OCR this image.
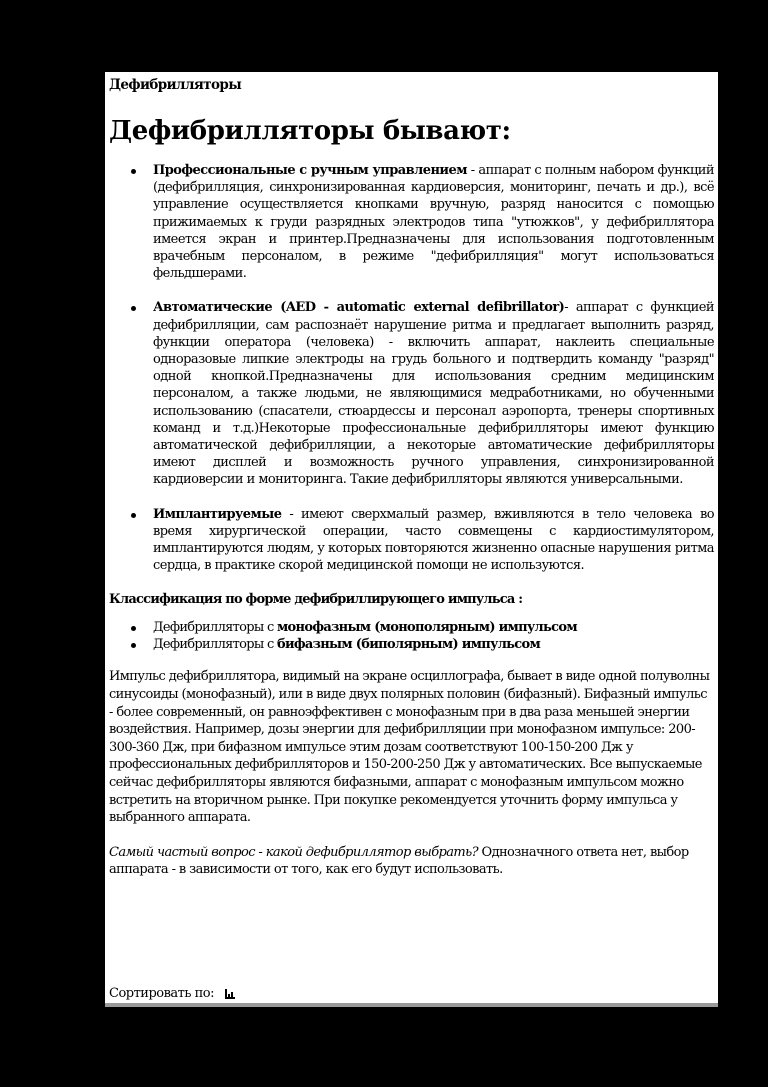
Дефибрилляторы
Дефибрилляторы бывают:
Профессиональные с ручным управлением - аппарат с полным набором функций (дефибрилляция, синхронизированная кардиоверсия, мониторинг, печать и др.), всё управление осуществляется кнопками вручную, разряд наносится с помощью прижимаемых к груди разрядных электродов типа "утюжков", у дефибриллятора имеется экран и принтер.Предназначены для использования подготовленным врачебным персоналом, в режиме "дефибрилляция" могут использоваться фельдшерами.
Автоматические (AED - automatic external defibrillator)- аппарат с функцией дефибрилляции, сам распознаёт нарушение ритма и предлагает выполнить разряд, функции оператора (человека) - включить аппарат, наклеить специальные одноразовые липкие электроды на грудь больного и подтвердить команду "разряд" одной кнопкой.Предназначены для использования средним медицинским персоналом, а также людьми, не являющимися медработниками, но обученными использованию (спасатели, стюардессы и персонал аэропорта, тренеры спортивных команд и т.д.)Некоторые профессиональные дефибрилляторы имеют функцию автоматической дефибрилляции, а некоторые автоматические дефибрилляторы имеют дисплей и возможность ручного управления, синхронизированной кардиоверсии и мониторинга. Такие дефибрилляторы являются универсальными.
Имплантируемые - имеют сверхмалый размер, вживляются в тело человека во время хирургической операции, часто совмещены с кардиостимулятором, имплантируются людям, у которых повторяются жизненно опасные нарушения ритма сердца, в практике скорой медицинской помощи не используются.
Классификация по форме дефибриллирующего импульса :
Дефибрилляторы с монофазным (монополярным) импульсом
Дефибрилляторы с бифазным (биполярным) импульсом

Импульс дефибриллятора, видимый на экране осциллографа, бывает в виде одной полуволны синусоиды (монофазный), или в виде двух полярных половин (бифазный). Бифазный импульс - более современный, он равноэффективен с монофазным при в два раза меньшей энергии воздействия. Например, дозы энергии для дефибрилляции при монофазном импульсе: 200-300-360 Дж, при бифазном импульсе этим дозам соответствуют 100-150-200 Дж у профессиональных дефибрилляторов и 150-200-250 Дж у автоматических. Все выпускаемые сейчас дефибрилляторы являются бифазными, аппарат с монофазным импульсом можно встретить на вторичном рынке. При покупке рекомендуется уточнить форму импульса у выбранного аппарата.

Самый частый вопрос - какой дефибриллятор выбрать? Однозначного ответа нет, выбор аппарата - в зависимости от того, как его будут использовать.

Сортировать по:
